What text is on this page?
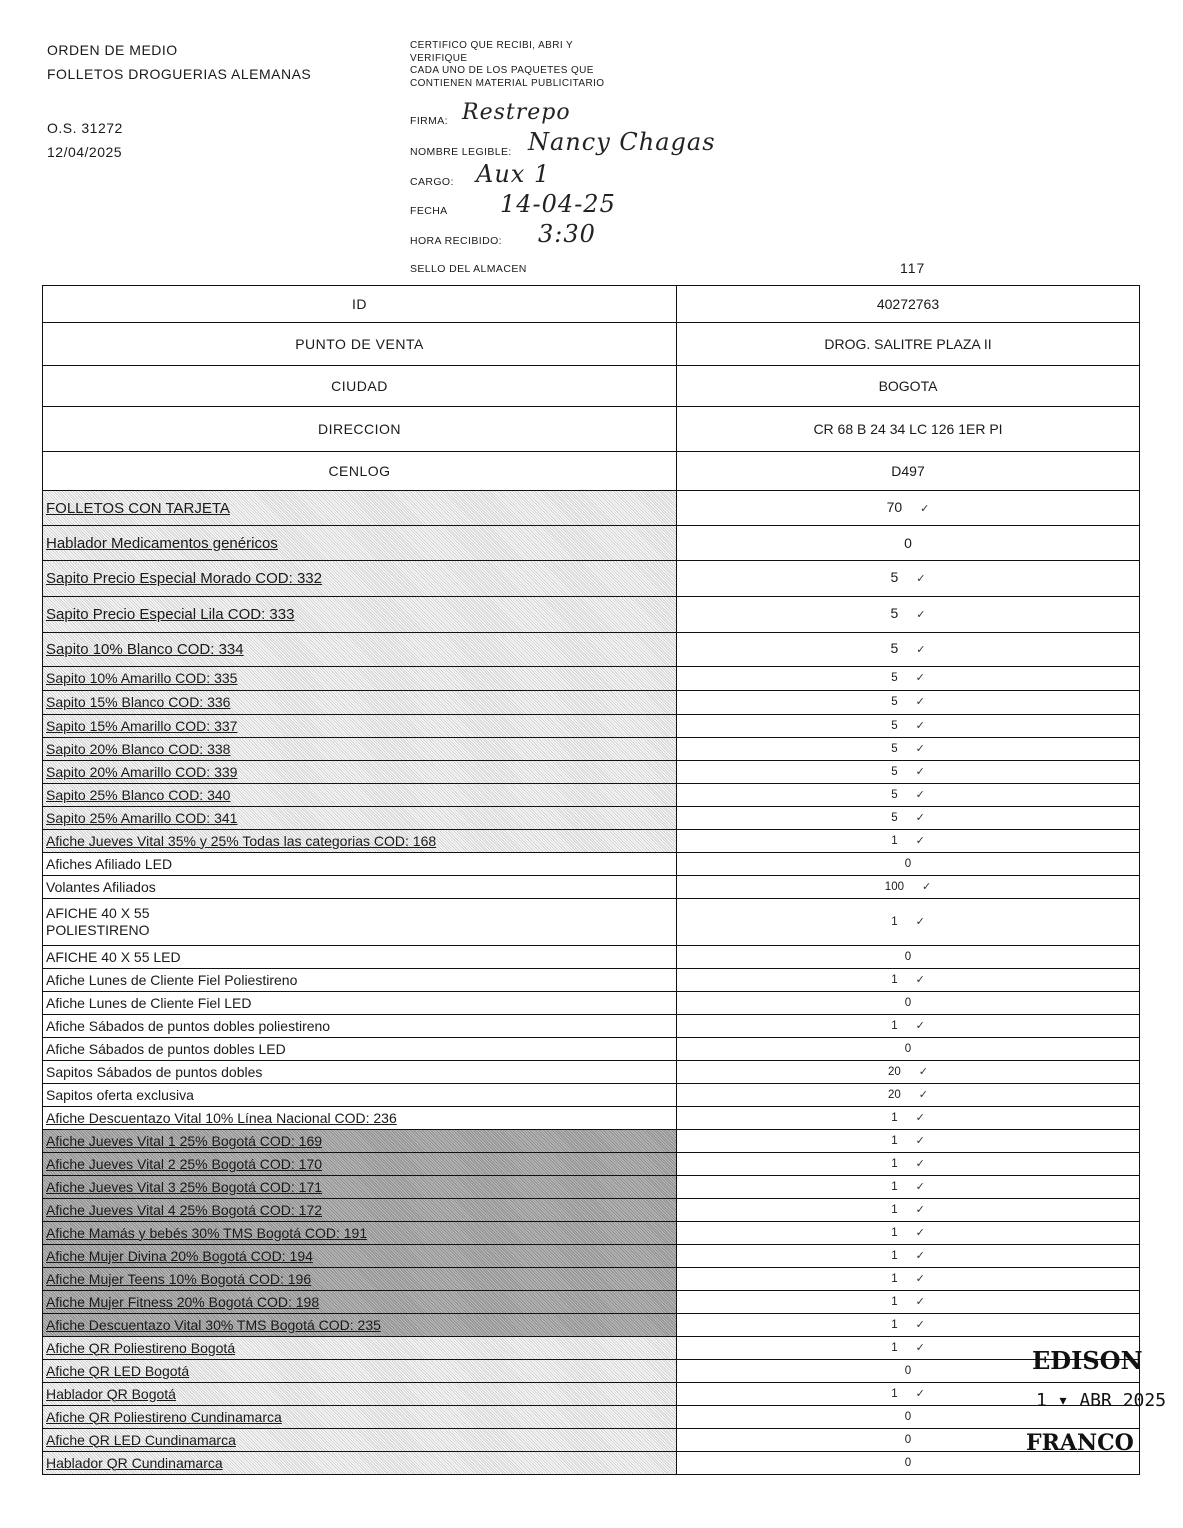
ORDEN DE MEDIO
FOLLETOS DROGUERIAS ALEMANAS
O.S. 31272
12/04/2025
CERTIFICO QUE RECIBI, ABRI Y
VERIFIQUE
CADA UNO DE LOS PAQUETES QUE
CONTIENEN MATERIAL PUBLICITARIO
FIRMA: Restrepo
NOMBRE LEGIBLE: Nancy Chagas
CARGO: Aux 1
FECHA 14-04-25
HORA RECIBIDO: 3:30
SELLO DEL ALMACEN	117
ID	40272763
PUNTO DE VENTA	DROG. SALITRE PLAZA II
CIUDAD	BOGOTA
DIRECCION	CR 68 B 24 34 LC 126 1ER PI
CENLOG	D497
FOLLETOS CON TARJETA	70 ✓
Hablador Medicamentos genéricos	0
Sapito Precio Especial Morado COD: 332	5 ✓
Sapito Precio Especial Lila COD: 333	5 ✓
Sapito 10% Blanco COD: 334	5 ✓
Sapito 10% Amarillo COD: 335	5 ✓
Sapito 15% Blanco COD: 336	5 ✓
Sapito 15% Amarillo COD: 337	5 ✓
Sapito 20% Blanco COD: 338	5 ✓
Sapito 20% Amarillo COD: 339	5 ✓
Sapito 25% Blanco COD: 340	5 ✓
Sapito 25% Amarillo COD: 341	5 ✓
Afiche Jueves Vital 35% y 25% Todas las categorias COD: 168	1 ✓
Afiches Afiliado LED	0
Volantes Afiliados	100 ✓
AFICHE 40 X 55
POLIESTIRENO	1 ✓
AFICHE 40 X 55 LED	0
Afiche Lunes de Cliente Fiel Poliestireno	1 ✓
Afiche Lunes de Cliente Fiel LED	0
Afiche Sábados de puntos dobles poliestireno	1 ✓
Afiche Sábados de puntos dobles LED	0
Sapitos Sábados de puntos dobles	20 ✓
Sapitos oferta exclusiva	20 ✓
Afiche Descuentazo Vital 10% Línea Nacional COD: 236	1 ✓
Afiche Jueves Vital 1 25% Bogotá COD: 169	1 ✓
Afiche Jueves Vital 2 25% Bogotá COD: 170	1 ✓
Afiche Jueves Vital 3 25% Bogotá COD: 171	1 ✓
Afiche Jueves Vital 4 25% Bogotá COD: 172	1 ✓
Afiche Mamás y bebés 30% TMS Bogotá COD: 191	1 ✓
Afiche Mujer Divina 20% Bogotá COD: 194	1 ✓
Afiche Mujer Teens 10% Bogotá COD: 196	1 ✓
Afiche Mujer Fitness 20% Bogotá COD: 198	1 ✓
Afiche Descuentazo Vital 30% TMS Bogotá COD: 235	1 ✓
Afiche QR Poliestireno Bogotá	1 ✓
Afiche QR LED Bogotá	0
Hablador QR Bogotá	1 ✓
Afiche QR Poliestireno Cundinamarca	0
Afiche QR LED Cundinamarca	0
Hablador QR Cundinamarca	0
EDISON
1 ▾ ABR 2025
FRANCO
